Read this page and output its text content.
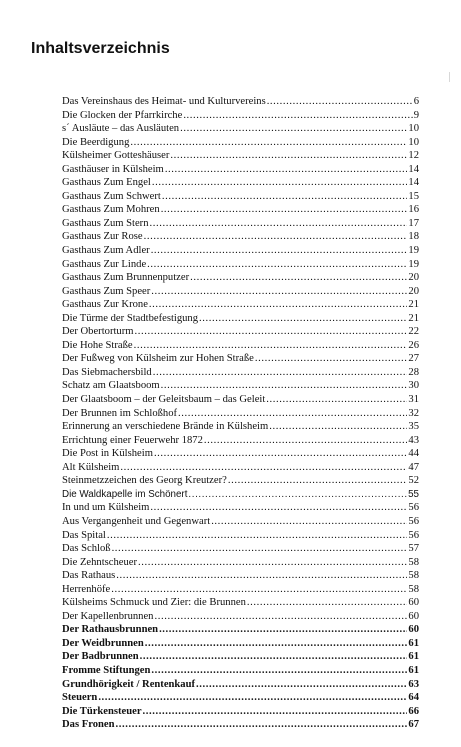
Inhaltsverzeichnis
Das Vereinshaus des Heimat- und Kulturvereins .....	6
Die Glocken der Pfarrkirche .....	9
s´ Ausläute – das Ausläuten .....	10
Die Beerdigung .....	10
Külsheimer Gotteshäuser .....	12
Gasthäuser in Külsheim .....	14
Gasthaus Zum Engel .....	14
Gasthaus Zum Schwert .....	15
Gasthaus Zum Mohren .....	16
Gasthaus Zum Stern .....	17
Gasthaus Zur Rose .....	18
Gasthaus Zum Adler .....	19
Gasthaus Zur Linde .....	19
Gasthaus Zum Brunnenputzer .....	20
Gasthaus Zum Speer .....	20
Gasthaus Zur Krone .....	21
Die Türme der Stadtbefestigung .....	21
Der Obertorturm .....	22
Die Hohe Straße .....	26
Der Fußweg von Külsheim zur Hohen Straße .....	27
Das Siebmachersbild .....	28
Schatz am Glaatsboom .....	30
Der Glaatsboom – der Geleitsbaum – das Geleit .....	31
Der Brunnen im Schloßhof .....	32
Erinnerung an verschiedene Brände in Külsheim .....	35
Errichtung einer Feuerwehr 1872 .....	43
Die Post in Külsheim .....	44
Alt Külsheim .....	47
Steinmetzzeichen des Georg Kreutzer? .....	52
Die Waldkapelle im Schönert .....	55
In und um Külsheim .....	56
Aus Vergangenheit und Gegenwart .....	56
Das Spital .....	56
Das Schloß .....	57
Die Zehntscheuer .....	58
Das Rathaus .....	58
Herrenhöfe .....	58
Külsheims Schmuck und Zier: die Brunnen .....	60
Der Kapellenbrunnen .....	60
Der Rathausbrunnen .....	60
Der Weidbrunnen .....	61
Der Badbrunnen .....	61
Fromme Stiftungen .....	61
Grundhörigkeit / Rentenkauf .....	63
Steuern .....	64
Die Türkensteuer .....	66
Das Fronen .....	67
